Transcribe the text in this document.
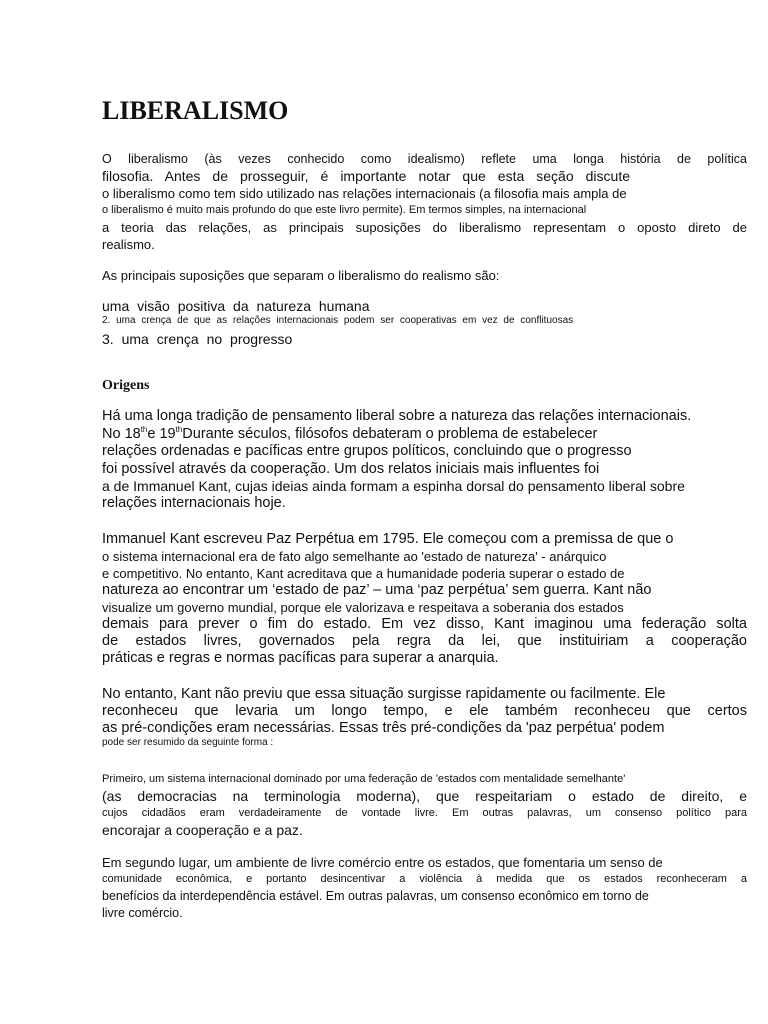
LIBERALISMO
O liberalismo (às vezes conhecido como idealismo) reflete uma longa história de política
filosofia. Antes de prosseguir, é importante notar que esta seção discute
o liberalismo como tem sido utilizado nas relações internacionais (a filosofia mais ampla de
o liberalismo é muito mais profundo do que este livro permite). Em termos simples, na internacional
a teoria das relações, as principais suposições do liberalismo representam o oposto direto de
realismo.
As principais suposições que separam o liberalismo do realismo são:
uma visão positiva da natureza humana
2. uma crença de que as relações internacionais podem ser cooperativas em vez de conflituosas
3. uma crença no progresso
Origens
Há uma longa tradição de pensamento liberal sobre a natureza das relações internacionais.
No 18the 19thDurante séculos, filósofos debateram o problema de estabelecer
relações ordenadas e pacíficas entre grupos políticos, concluindo que o progresso
foi possível através da cooperação. Um dos relatos iniciais mais influentes foi
a de Immanuel Kant, cujas ideias ainda formam a espinha dorsal do pensamento liberal sobre
relações internacionais hoje.
Immanuel Kant escreveu Paz Perpétua em 1795. Ele começou com a premissa de que o
o sistema internacional era de fato algo semelhante ao 'estado de natureza' - anárquico
e competitivo. No entanto, Kant acreditava que a humanidade poderia superar o estado de
natureza ao encontrar um ‘estado de paz’ – uma ‘paz perpétua’ sem guerra. Kant não
visualize um governo mundial, porque ele valorizava e respeitava a soberania dos estados
demais para prever o fim do estado. Em vez disso, Kant imaginou uma federação solta
de estados livres, governados pela regra da lei, que instituiriam a cooperação
práticas e regras e normas pacíficas para superar a anarquia.
No entanto, Kant não previu que essa situação surgisse rapidamente ou facilmente. Ele
reconheceu que levaria um longo tempo, e ele também reconheceu que certos
as pré-condições eram necessárias. Essas três pré-condições da 'paz perpétua' podem
pode ser resumido da seguinte forma :
Primeiro, um sistema internacional dominado por uma federação de 'estados com mentalidade semelhante'
(as democracias na terminologia moderna), que respeitariam o estado de direito, e
cujos cidadãos eram verdadeiramente de vontade livre. Em outras palavras, um consenso político para
encorajar a cooperação e a paz.
Em segundo lugar, um ambiente de livre comércio entre os estados, que fomentaria um senso de
comunidade econômica, e portanto desincentivar a violência à medida que os estados reconheceram a
benefícios da interdependência estável. Em outras palavras, um consenso econômico em torno de
livre comércio.
